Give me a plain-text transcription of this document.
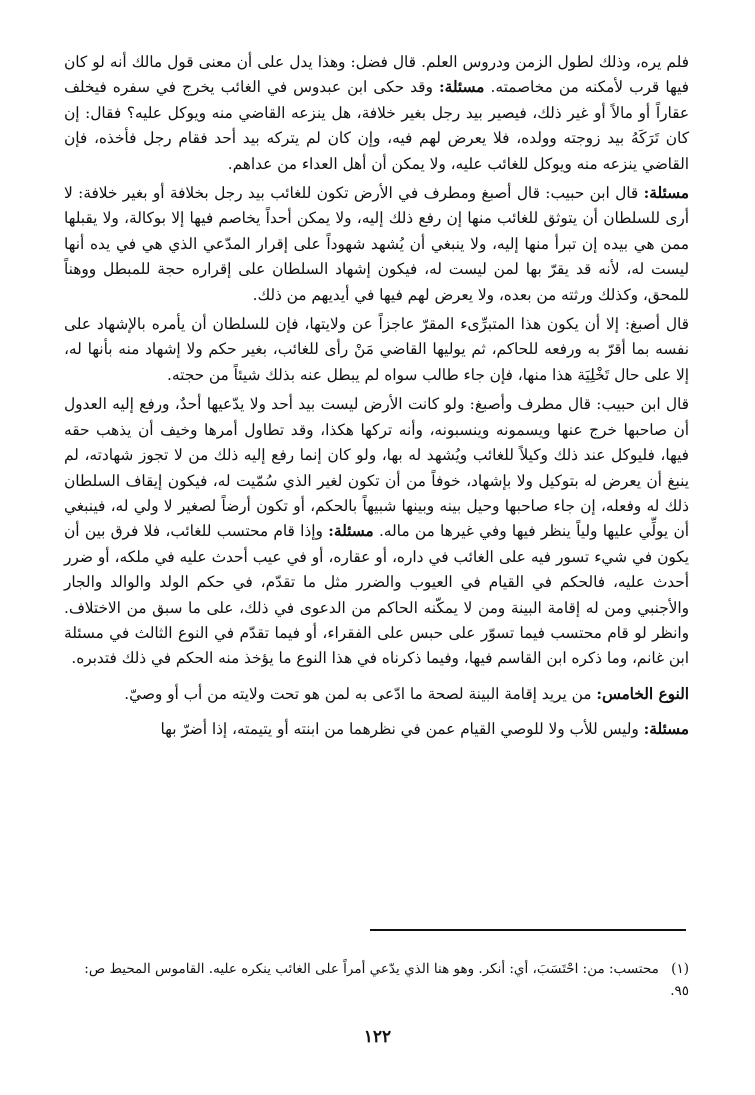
فلم يره، وذلك لطول الزمن ودروس العلم. قال فضل: وهذا يدل على أن معنى قول مالك أنه لو كان فيها قرب لأمكنه من مخاصمته. مسئلة: وقد حكى ابن عبدوس في الغائب يخرج في سفره فيخلف عقاراً أو مالاً أو غير ذلك، فيصير بيد رجل بغير خلافة، هل ينزعه القاضي منه ويوكل عليه؟ فقال: إن كان تَرَكَهُ بيد زوجته وولده، فلا يعرض لهم فيه، وإن كان لم يتركه بيد أحد فقام رجل فأخذه، فإن القاضي ينزعه منه ويوكل للغائب عليه، ولا يمكن أن أهل العداء من عداهم.

مسئلة: قال ابن حبيب: قال أصبغ ومطرف في الأرض تكون للغائب بيد رجل بخلافة أو بغير خلافة: لا أرى للسلطان أن يتوثق للغائب منها إن رفع ذلك إليه، ولا يمكن أحداً يخاصم فيها إلا بوكالة، ولا يقبلها ممن هي بيده إن تبرأ منها إليه، ولا ينبغي أن يُشهد شهوداً على إقرار المدّعي الذي هي في يده أنها ليست له، لأنه قد يقرّ بها لمن ليست له، فيكون إشهاد السلطان على إقراره حجة للمبطل ووهناً للمحق، وكذلك ورثته من بعده، ولا يعرض لهم فيها في أيديهم من ذلك.

قال أصبغ: إلا أن يكون هذا المتبرِّىء المقرّ عاجزاً عن ولايتها، فإن للسلطان أن يأمره بالإشهاد على نفسه بما أقرّ به ورفعه للحاكم، ثم يوليها القاضي مَنْ رأى للغائب، بغير حكم ولا إشهاد منه بأنها له، إلا على حال تَخْلِيَة هذا منها، فإن جاء طالب سواه لم يبطل عنه بذلك شيئاً من حجته.

قال ابن حبيب: قال مطرف وأصبغ: ولو كانت الأرض ليست بيد أحد ولا يدّعيها أحدٌ، ورفع إليه العدول أن صاحبها خرج عنها ويسمونه وينسبونه، وأنه تركها هكذا، وقد تطاول أمرها وخيف أن يذهب حقه فيها، فليوكل عند ذلك وكيلاً للغائب ويُشهد له بها، ولو كان إنما رفع إليه ذلك من لا تجوز شهادته، لم ينبغ أن يعرض له بتوكيل ولا بإشهاد، خوفاً من أن تكون لغير الذي سُمّيت له، فيكون إيقاف السلطان ذلك له وفعله، إن جاء صاحبها وحيل بينه وبينها شبيهاً بالحكم، أو تكون أرضاً لصغير لا ولي له، فينبغي أن يولِّي عليها ولياً ينظر فيها وفي غيرها من ماله. مسئلة: وإذا قام محتسب للغائب، فلا فرق بين أن يكون في شيء تسور فيه على الغائب في داره، أو عقاره، أو في عيب أحدث عليه في ملكه، أو ضرر أحدث عليه، فالحكم في القيام في العيوب والضرر مثل ما تقدّم، في حكم الولد والوالد والجار والأجنبي ومن له إقامة البينة ومن لا يمكّنه الحاكم من الدعوى في ذلك، على ما سبق من الاختلاف. وانظر لو قام محتسب فيما تسوّر على حبس على الفقراء، أو فيما تقدّم في النوع الثالث في مسئلة ابن غانم، وما ذكره ابن القاسم فيها، وفيما ذكرناه في هذا النوع ما يؤخذ منه الحكم في ذلك فتدبره.

النوع الخامس: من يريد إقامة البينة لصحة ما ادّعى به لمن هو تحت ولايته من أب أو وصيّ.

مسئلة: وليس للأب ولا للوصي القيام عمن في نظرهما من ابنته أو يتيمته، إذا أضرّ بها

(١) محتسب: من: احْتَسَبَ، أي: أنكر. وهو هنا الذي يدّعي أمراً على الغائب ينكره عليه. القاموس المحيط ص: ٩٥.
١٢٢
